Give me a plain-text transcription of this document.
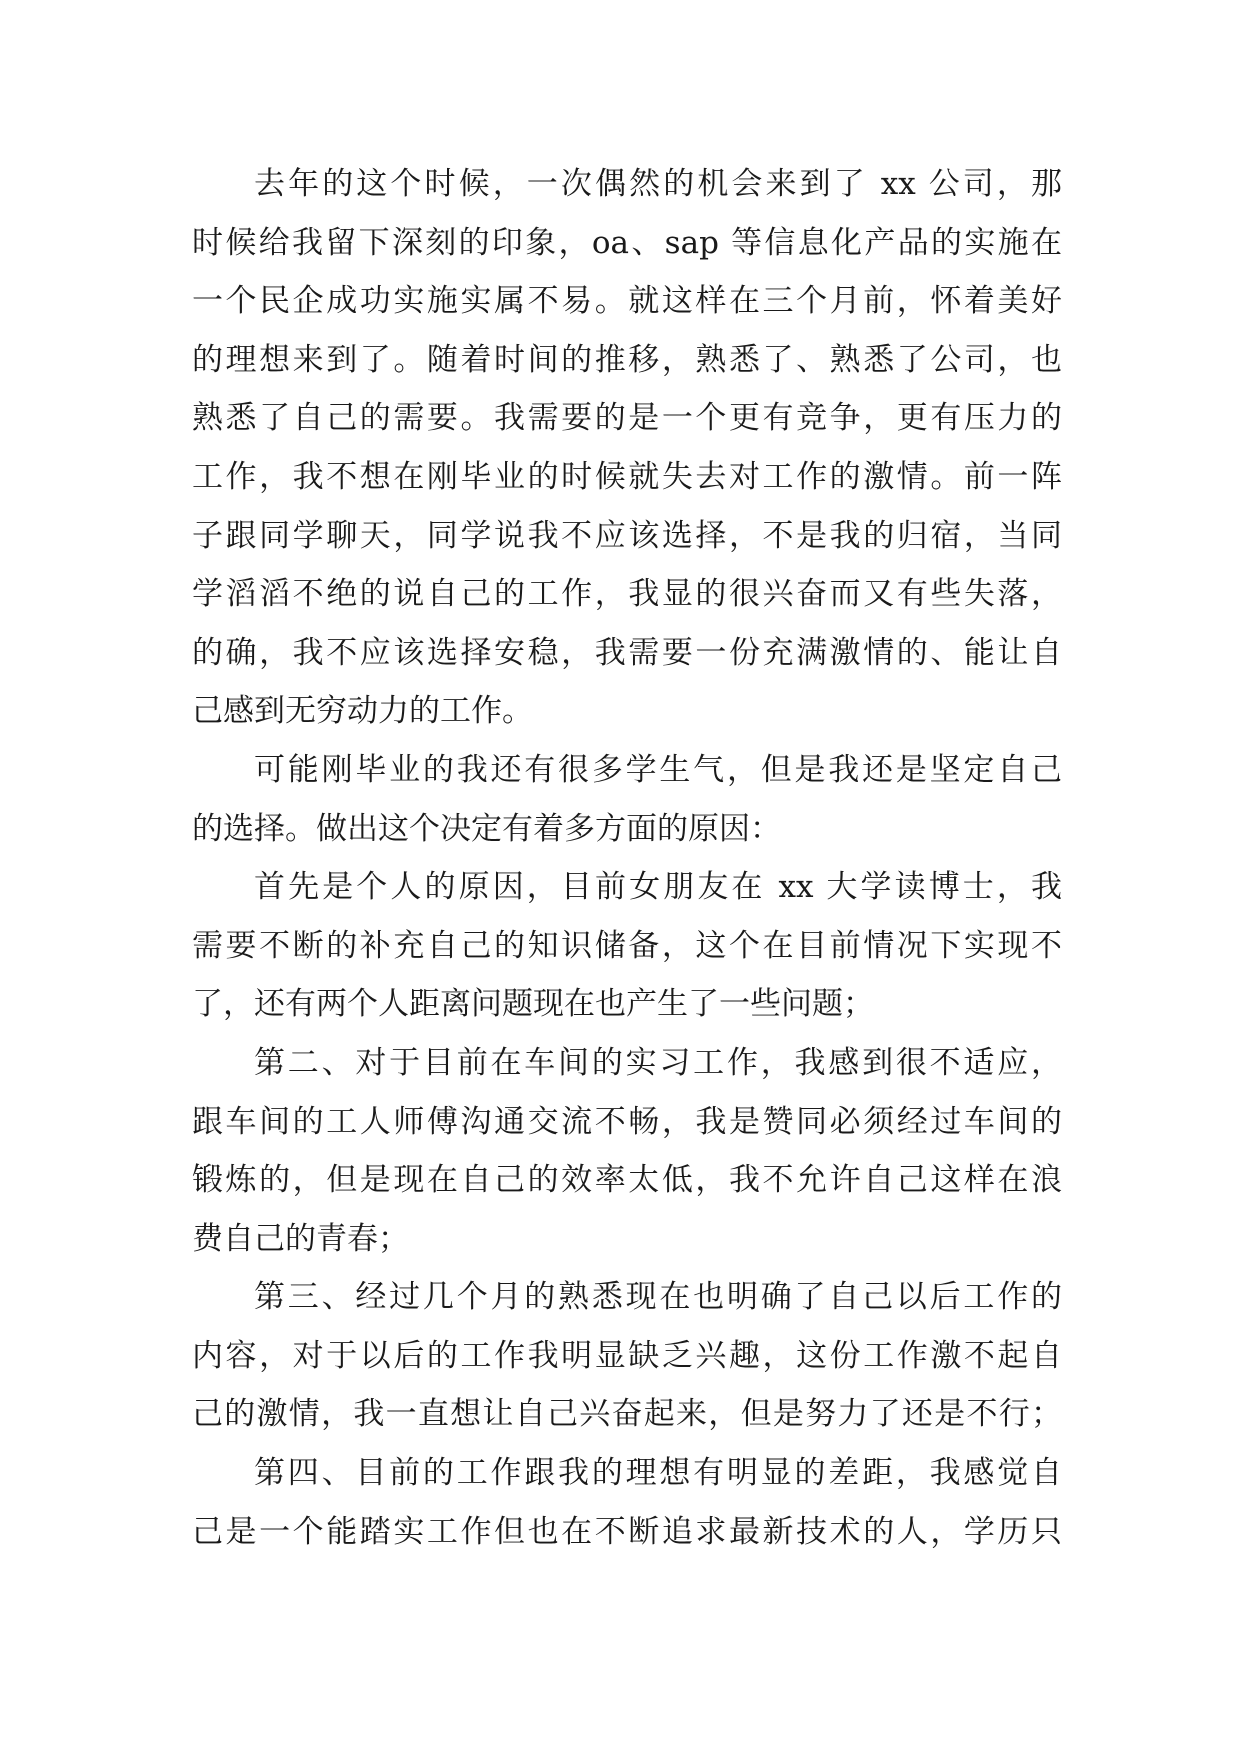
去年的这个时候，一次偶然的机会来到了 xx 公司，那
时候给我留下深刻的印象，oa、sap 等信息化产品的实施在
一个民企成功实施实属不易。就这样在三个月前，怀着美好
的理想来到了。随着时间的推移，熟悉了、熟悉了公司，也
熟悉了自己的需要。我需要的是一个更有竞争，更有压力的
工作，我不想在刚毕业的时候就失去对工作的激情。前一阵
子跟同学聊天，同学说我不应该选择，不是我的归宿，当同
学滔滔不绝的说自己的工作，我显的很兴奋而又有些失落，
的确，我不应该选择安稳，我需要一份充满激情的、能让自
己感到无穷动力的工作。
可能刚毕业的我还有很多学生气，但是我还是坚定自己
的选择。做出这个决定有着多方面的原因：
首先是个人的原因，目前女朋友在 xx 大学读博士，我
需要不断的补充自己的知识储备，这个在目前情况下实现不
了，还有两个人距离问题现在也产生了一些问题；
第二、对于目前在车间的实习工作，我感到很不适应，
跟车间的工人师傅沟通交流不畅，我是赞同必须经过车间的
锻炼的，但是现在自己的效率太低，我不允许自己这样在浪
费自己的青春；
第三、经过几个月的熟悉现在也明确了自己以后工作的
内容，对于以后的工作我明显缺乏兴趣，这份工作激不起自
己的激情，我一直想让自己兴奋起来，但是努力了还是不行；
第四、目前的工作跟我的理想有明显的差距，我感觉自
己是一个能踏实工作但也在不断追求最新技术的人，学历只
